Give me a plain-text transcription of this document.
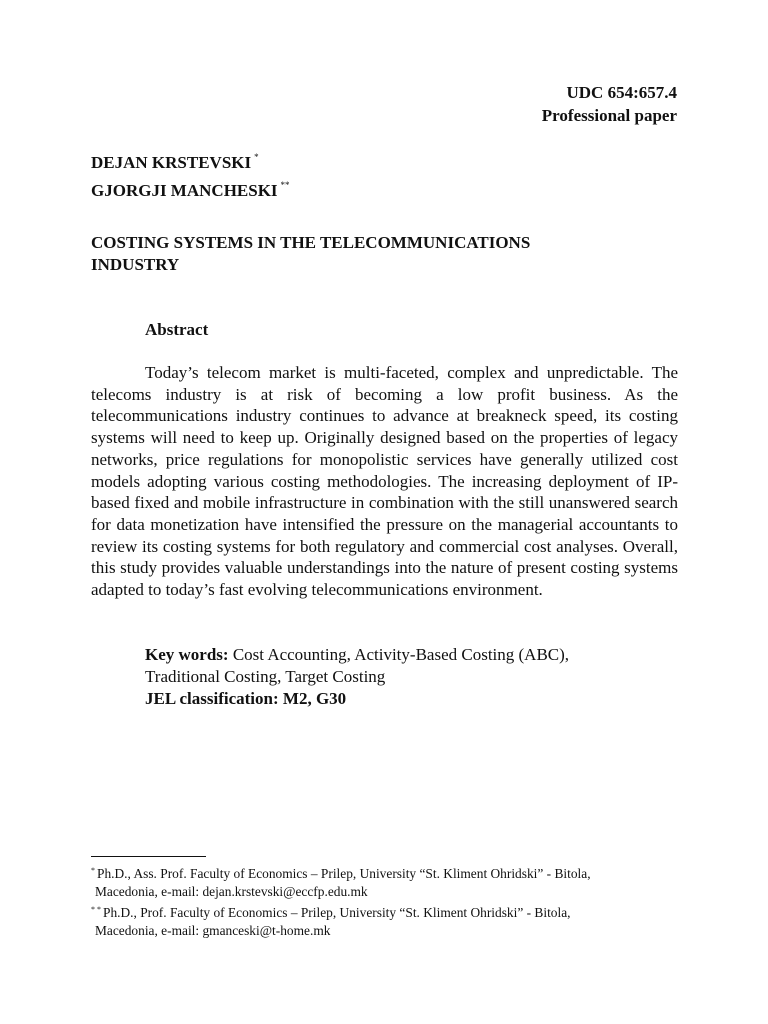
UDC 654:657.4
Professional paper
DEJAN KRSTEVSKI *
GJORGJI MANCHESKI **
COSTING SYSTEMS IN THE TELECOMMUNICATIONS
INDUSTRY
Abstract

Today’s telecom market is multi-faceted, complex and unpredictable. The telecoms industry is at risk of becoming a low profit business. As the telecommunications industry continues to advance at breakneck speed, its costing systems will need to keep up. Originally designed based on the properties of legacy networks, price regulations for monopolistic services have generally utilized cost models adopting various costing methodologies. The increasing deployment of IP-based fixed and mobile infrastructure in combination with the still unanswered search for data monetization have intensified the pressure on the managerial accountants to review its costing systems for both regulatory and commercial cost analyses. Overall, this study provides valuable understandings into the nature of present costing systems adapted to today’s fast evolving telecommunications environment.

Key words: Cost Accounting, Activity-Based Costing (ABC),
Traditional Costing, Target Costing
JEL classification: M2, G30

* Ph.D., Ass. Prof. Faculty of Economics – Prilep, University “St. Kliment Ohridski” - Bitola,
Macedonia, e-mail: dejan.krstevski@eccfp.edu.mk

* * Ph.D., Prof. Faculty of Economics – Prilep, University “St. Kliment Ohridski” - Bitola,
Macedonia, e-mail: gmanceski@t-home.mk
